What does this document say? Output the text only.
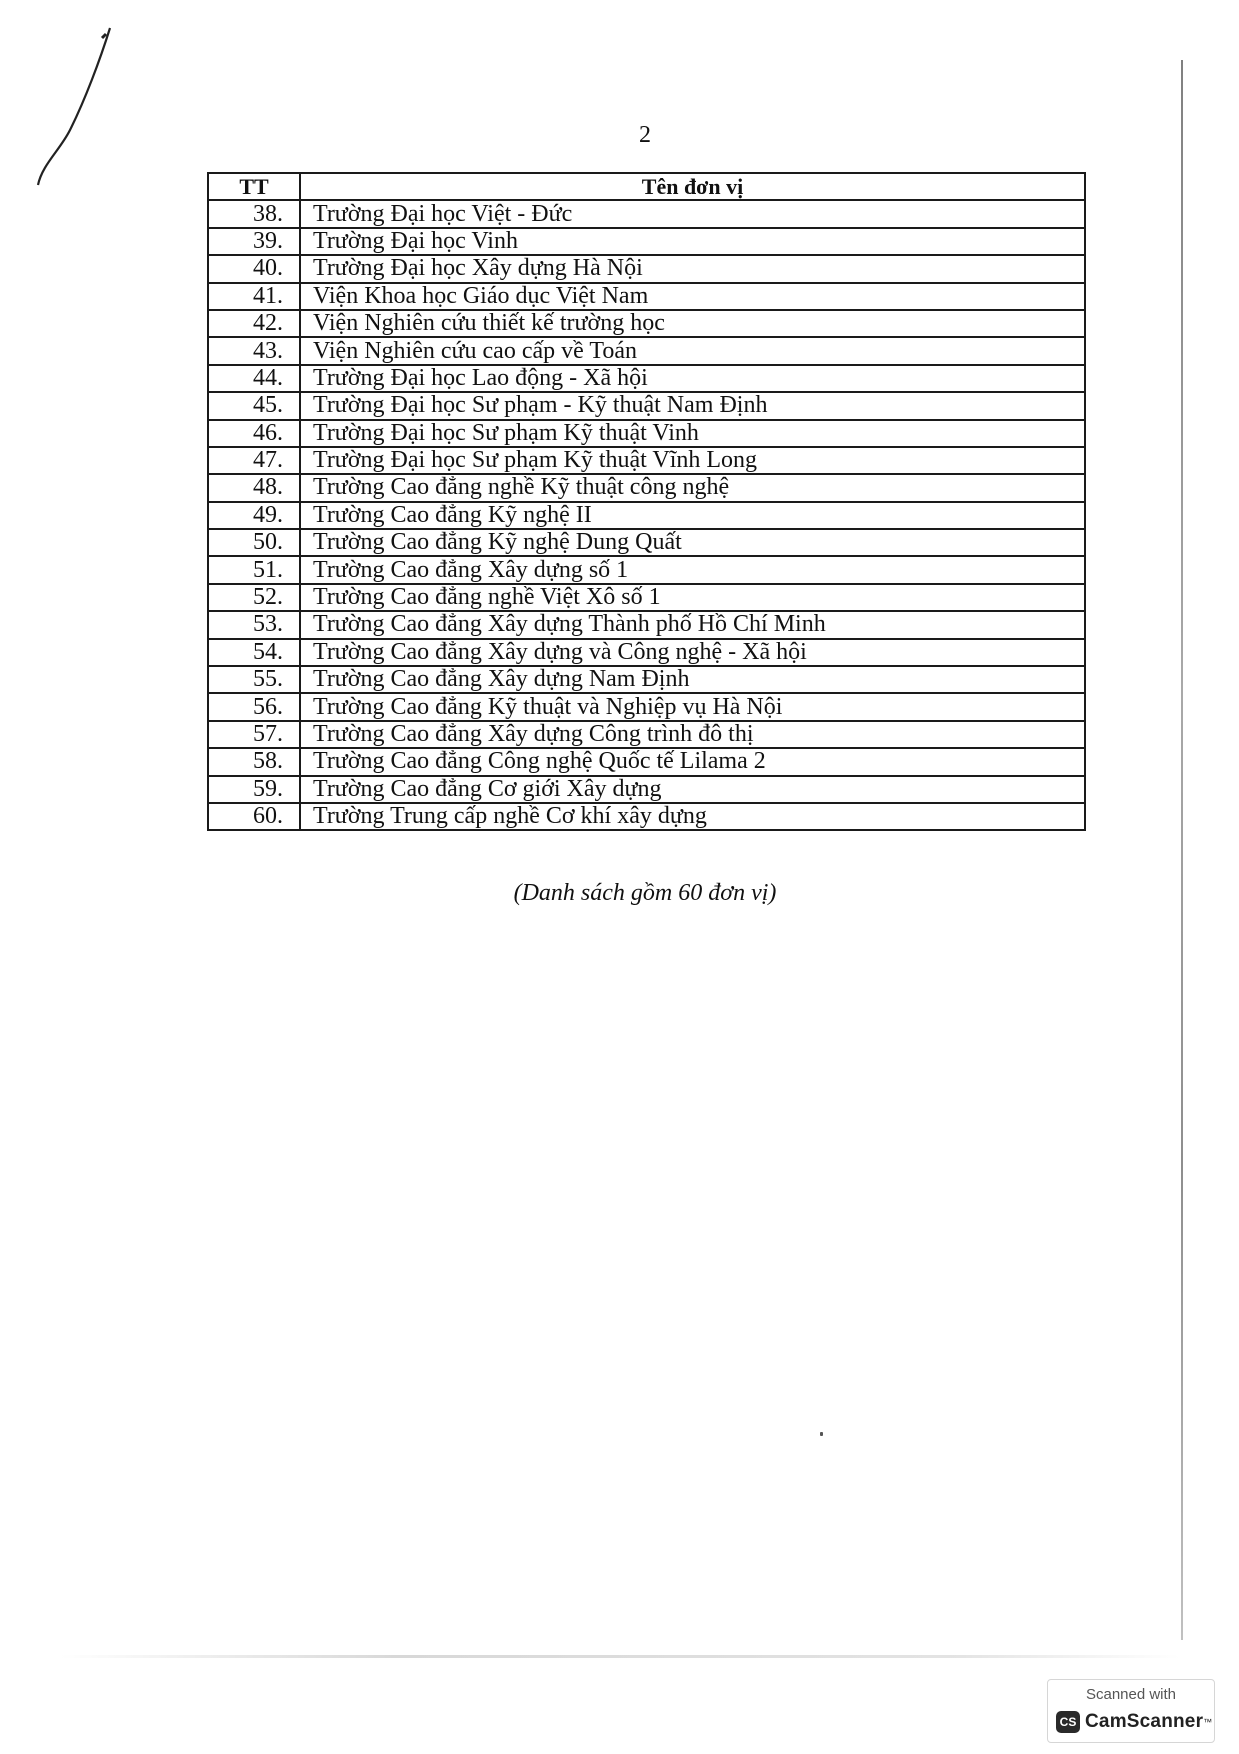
2
TT	Tên đơn vị
38.	Trường Đại học Việt - Đức
39.	Trường Đại học Vinh
40.	Trường Đại học Xây dựng Hà Nội
41.	Viện Khoa học Giáo dục Việt Nam
42.	Viện Nghiên cứu thiết kế trường học
43.	Viện Nghiên cứu cao cấp về Toán
44.	Trường Đại học Lao động - Xã hội
45.	Trường Đại học Sư phạm - Kỹ thuật Nam Định
46.	Trường Đại học Sư phạm Kỹ thuật Vinh
47.	Trường Đại học Sư phạm Kỹ thuật Vĩnh Long
48.	Trường Cao đẳng nghề Kỹ thuật công nghệ
49.	Trường Cao đẳng Kỹ nghệ II
50.	Trường Cao đẳng Kỹ nghệ Dung Quất
51.	Trường Cao đẳng Xây dựng số 1
52.	Trường Cao đẳng nghề Việt Xô số 1
53.	Trường Cao đẳng Xây dựng Thành phố Hồ Chí Minh
54.	Trường Cao đẳng Xây dựng và Công nghệ - Xã hội
55.	Trường Cao đẳng Xây dựng Nam Định
56.	Trường Cao đẳng Kỹ thuật và Nghiệp vụ Hà Nội
57.	Trường Cao đẳng Xây dựng Công trình đô thị
58.	Trường Cao đẳng Công nghệ Quốc tế Lilama 2
59.	Trường Cao đẳng Cơ giới Xây dựng
60.	Trường Trung cấp nghề Cơ khí xây dựng
(Danh sách gồm 60 đơn vị)
Scanned with
CS CamScanner ™
